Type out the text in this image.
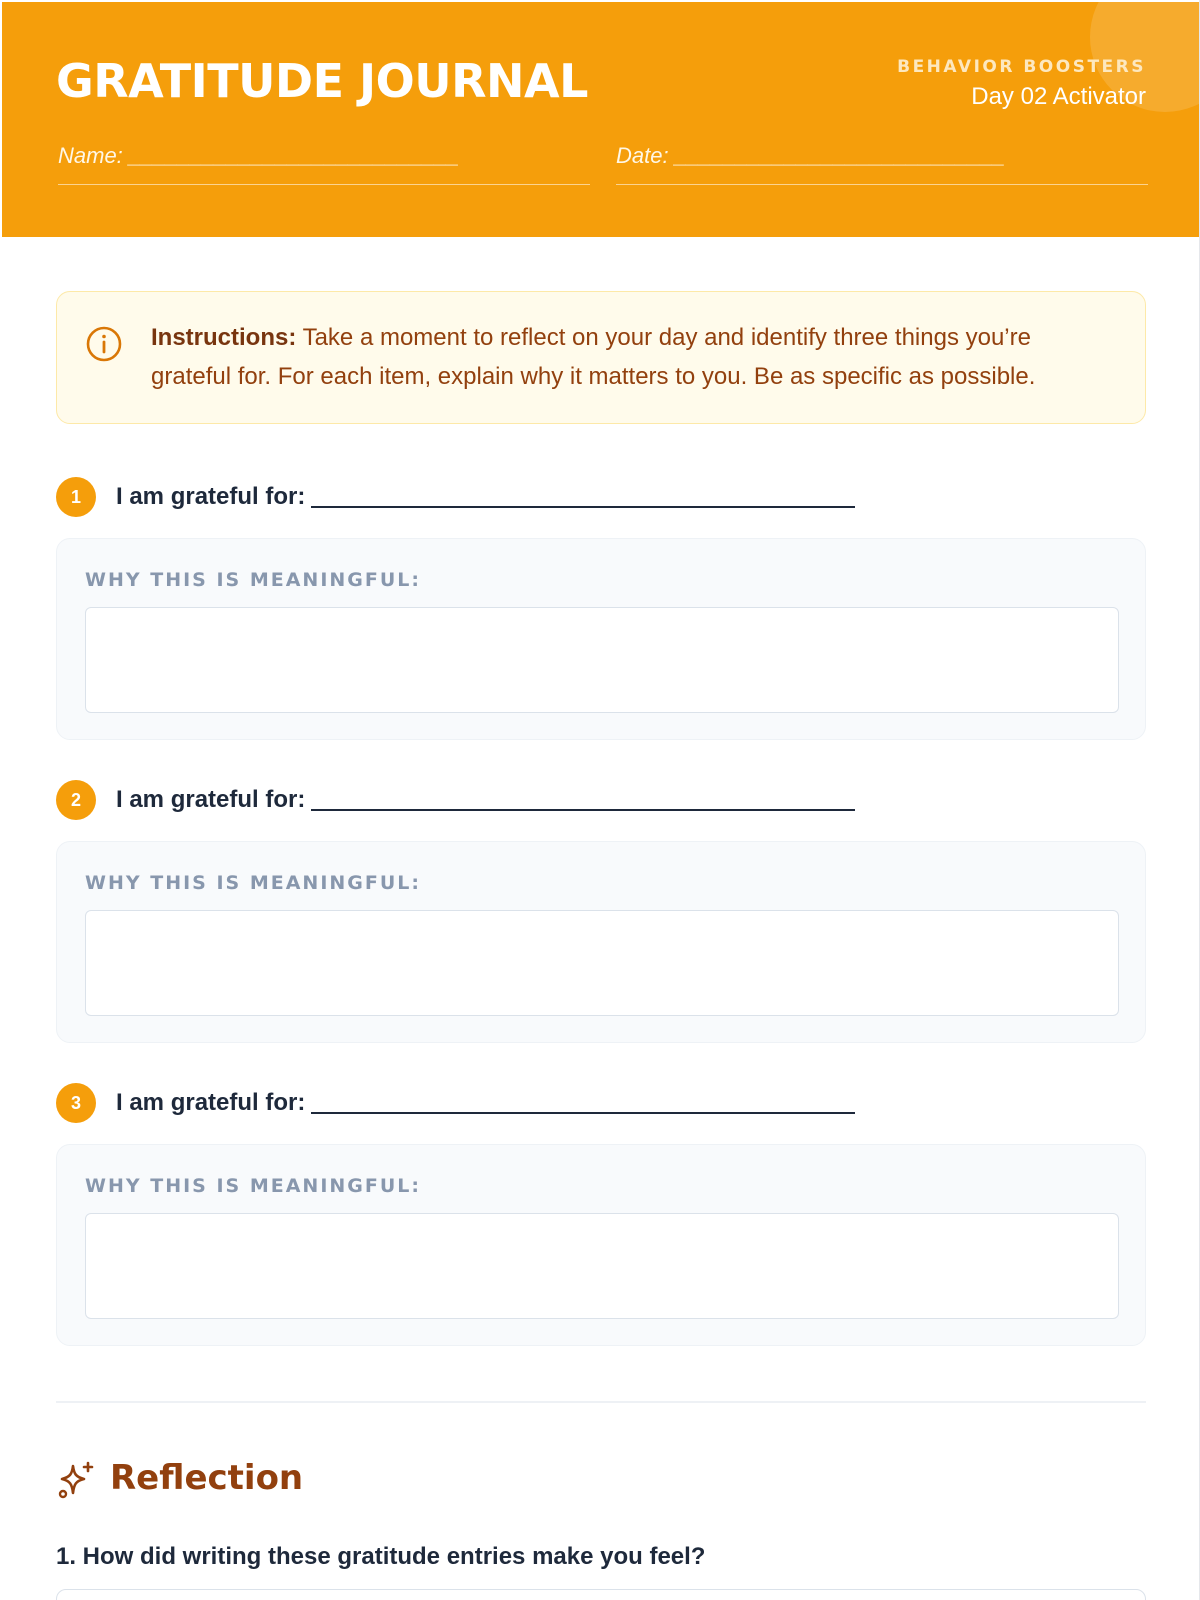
GRATITUDE JOURNAL	BEHAVIOR BOOSTERS
Day 02 Activator
Name: ___________________________	Date: ___________________________
Instructions: Take a moment to reflect on your day and identify three things you’re grateful for. For each item, explain why it matters to you. Be as specific as possible.
1	I am grateful for:
WHY THIS IS MEANINGFUL:
2	I am grateful for:
WHY THIS IS MEANINGFUL:
3	I am grateful for:
WHY THIS IS MEANINGFUL:
Reflection
1. How did writing these gratitude entries make you feel?
